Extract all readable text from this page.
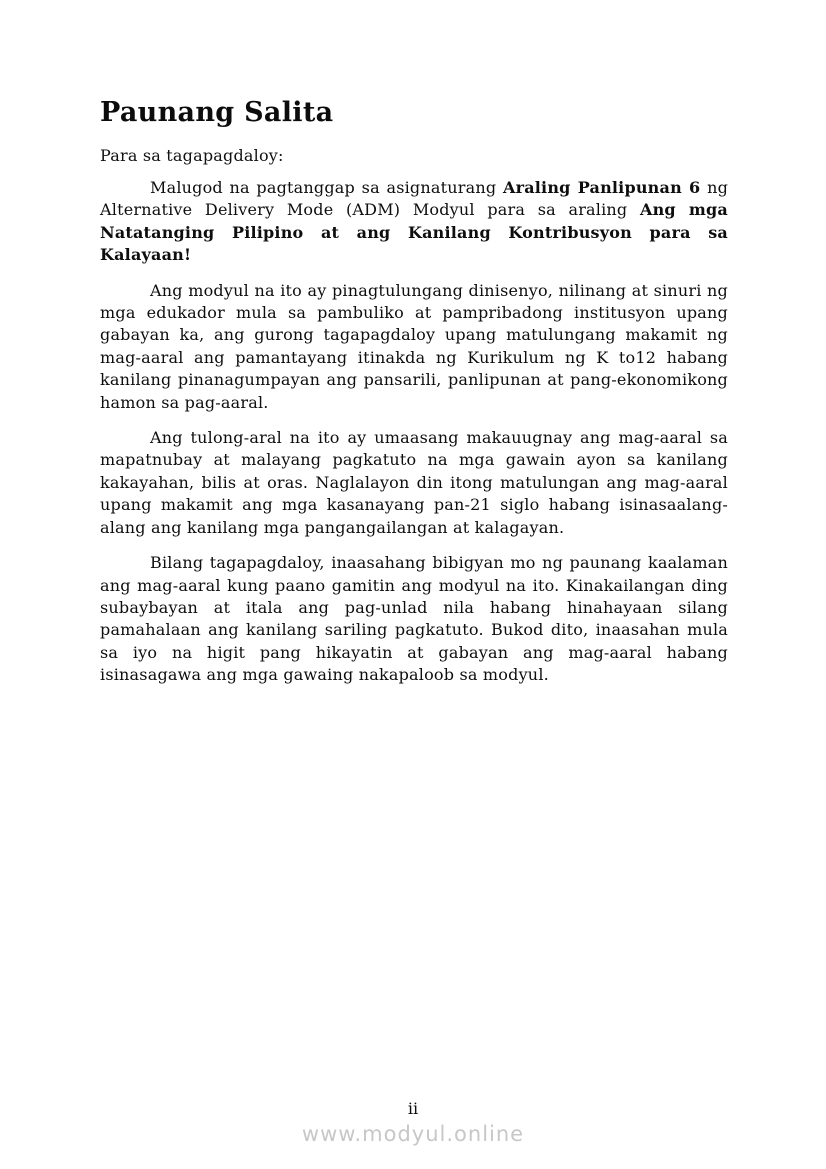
Paunang Salita

Para sa tagapagdaloy:

Malugod na pagtanggap sa asignaturang Araling Panlipunan 6 ng Alternative Delivery Mode (ADM) Modyul para sa araling Ang mga Natatanging Pilipino at ang Kanilang Kontribusyon para sa Kalayaan!

Ang modyul na ito ay pinagtulungang dinisenyo, nilinang at sinuri ng mga edukador mula sa pambuliko at pampribadong institusyon upang gabayan ka, ang gurong tagapagdaloy upang matulungang makamit ng mag-aaral ang pamantayang itinakda ng Kurikulum ng K to12 habang kanilang pinanagumpayan ang pansarili, panlipunan at pang-ekonomikong hamon sa pag-aaral.

Ang tulong-aral na ito ay umaasang makauugnay ang mag-aaral sa mapatnubay at malayang pagkatuto na mga gawain ayon sa kanilang kakayahan, bilis at oras. Naglalayon din itong matulungan ang mag-aaral upang makamit ang mga kasanayang pan-21 siglo habang isinasaalang-alang ang kanilang mga pangangailangan at kalagayan.

Bilang tagapagdaloy, inaasahang bibigyan mo ng paunang kaalaman ang mag-aaral kung paano gamitin ang modyul na ito. Kinakailangan ding subaybayan at itala ang pag-unlad nila habang hinahayaan silang pamahalaan ang kanilang sariling pagkatuto. Bukod dito, inaasahan mula sa iyo na higit pang hikayatin at gabayan ang mag-aaral habang isinasagawa ang mga gawaing nakapaloob sa modyul.

ii
www.modyul.online
